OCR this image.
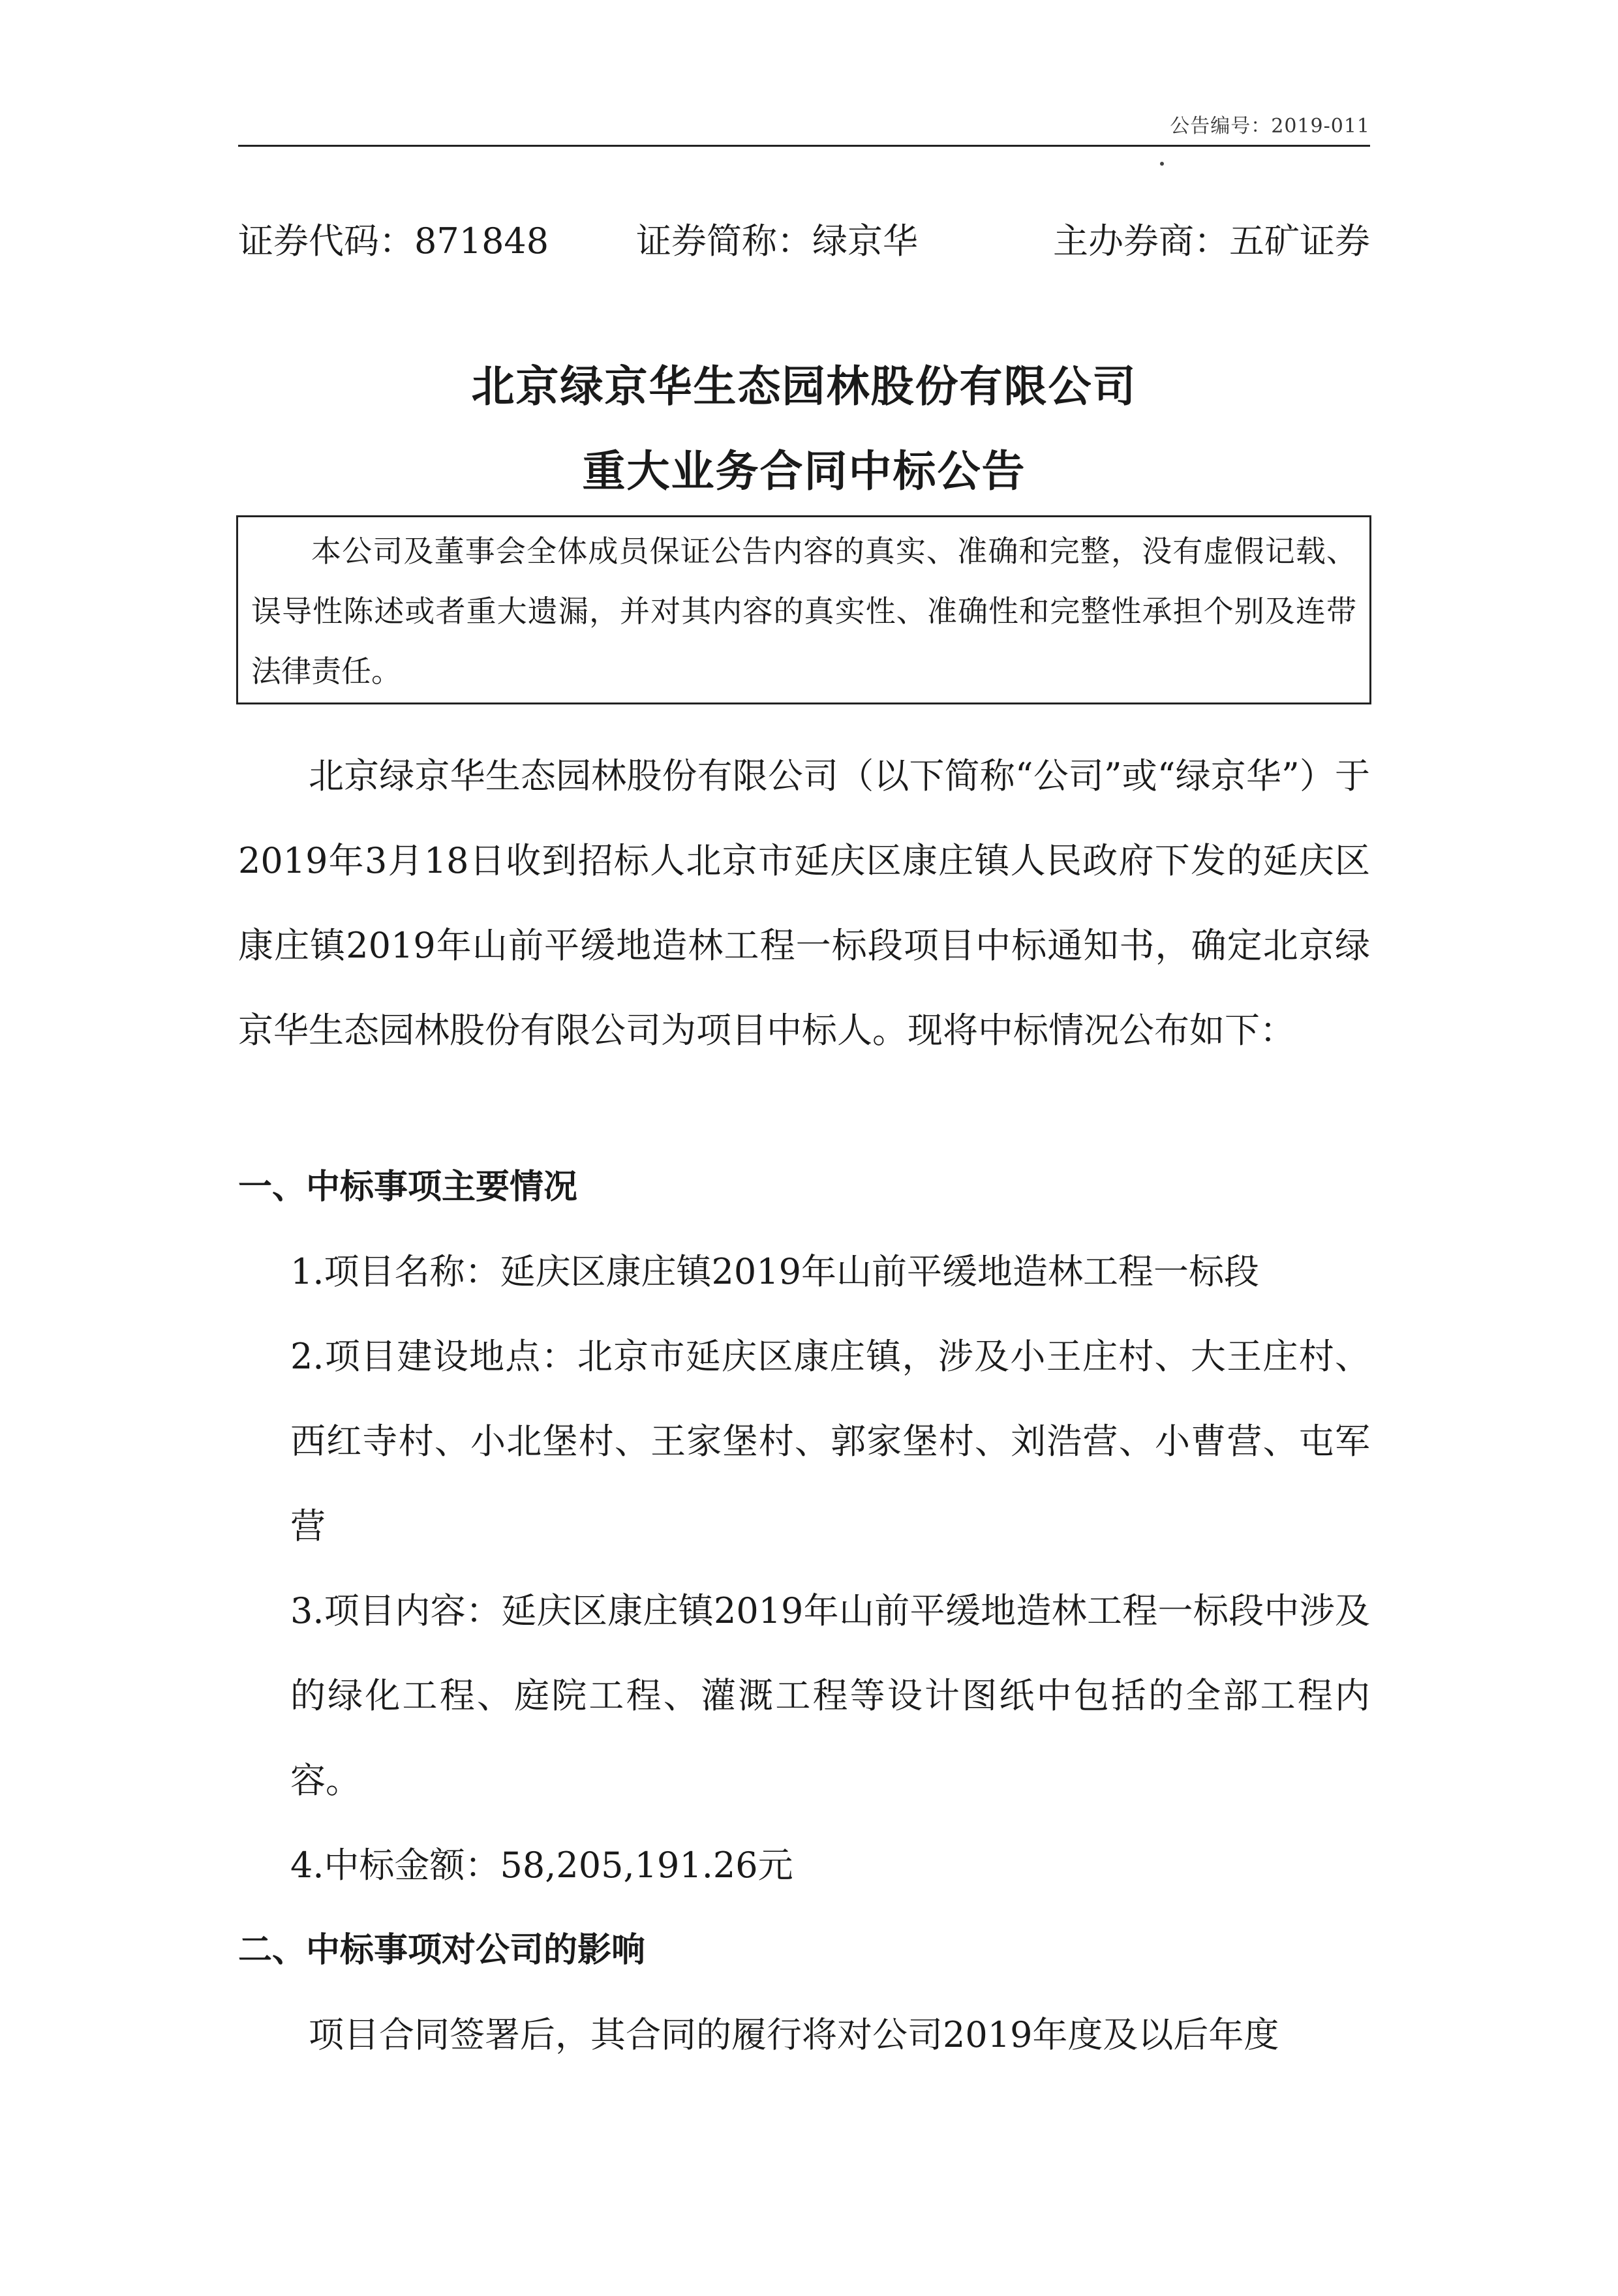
公告编号：2019-011
证券代码：871848 证券简称：绿京华	主办券商：五矿证券
北京绿京华生态园林股份有限公司
重大业务合同中标公告
本公司及董事会全体成员保证公告内容的真实、准确和完整，没有虚假记载、误导性陈述或者重大遗漏，并对其内容的真实性、准确性和完整性承担个别及连带法律责任。

北京绿京华生态园林股份有限公司（以下简称“公司”或“绿京华”）于2019年3月18日收到招标人北京市延庆区康庄镇人民政府下发的延庆区康庄镇2019年山前平缓地造林工程一标段项目中标通知书，确定北京绿京华生态园林股份有限公司为项目中标人。现将中标情况公布如下：

一、中标事项主要情况

1.项目名称：延庆区康庄镇2019年山前平缓地造林工程一标段

2.项目建设地点：北京市延庆区康庄镇，涉及小王庄村、大王庄村、西红寺村、小北堡村、王家堡村、郭家堡村、刘浩营、小曹营、屯军营

3.项目内容：延庆区康庄镇2019年山前平缓地造林工程一标段中涉及的绿化工程、庭院工程、灌溉工程等设计图纸中包括的全部工程内容。

4.中标金额：58,205,191.26元

二、中标事项对公司的影响

项目合同签署后，其合同的履行将对公司2019年度及以后年度
